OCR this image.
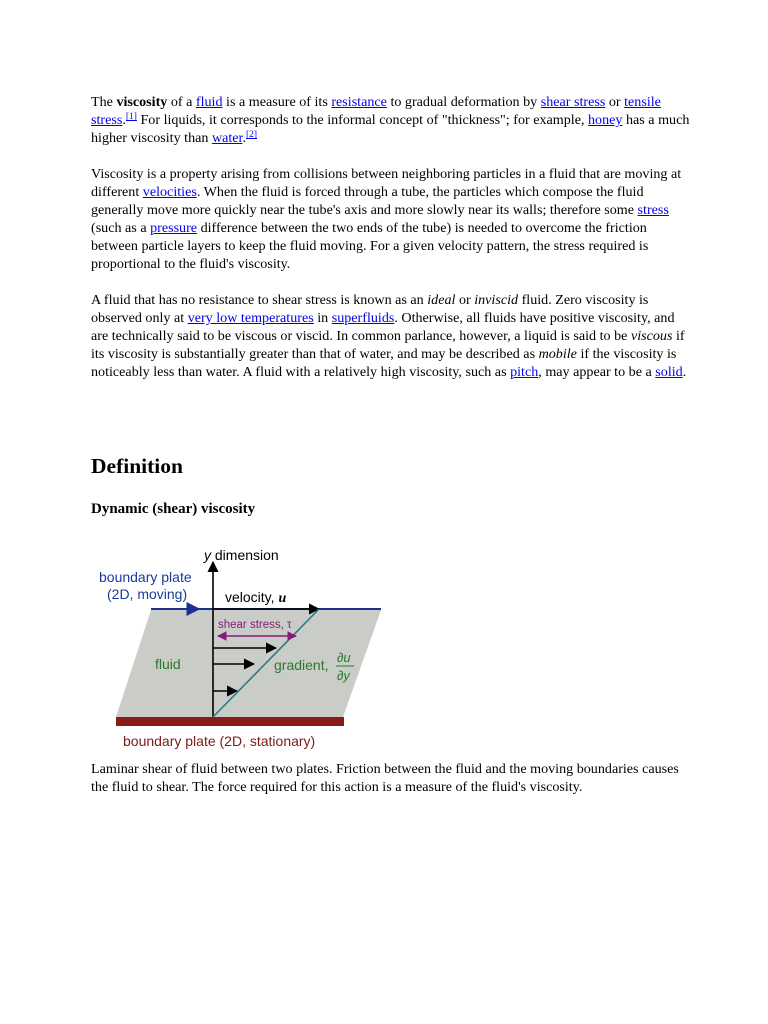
The viscosity of a fluid is a measure of its resistance to gradual deformation by shear stress or tensile stress.[1] For liquids, it corresponds to the informal concept of "thickness"; for example, honey has a much higher viscosity than water.[2]

Viscosity is a property arising from collisions between neighboring particles in a fluid that are moving at different velocities. When the fluid is forced through a tube, the particles which compose the fluid generally move more quickly near the tube's axis and more slowly near its walls; therefore some stress (such as a pressure difference between the two ends of the tube) is needed to overcome the friction between particle layers to keep the fluid moving. For a given velocity pattern, the stress required is proportional to the fluid's viscosity.

A fluid that has no resistance to shear stress is known as an ideal or inviscid fluid. Zero viscosity is observed only at very low temperatures in superfluids. Otherwise, all fluids have positive viscosity, and are technically said to be viscous or viscid. In common parlance, however, a liquid is said to be viscous if its viscosity is substantially greater than that of water, and may be described as mobile if the viscosity is noticeably less than water. A fluid with a relatively high viscosity, such as pitch, may appear to be a solid.

Definition
Dynamic (shear) viscosity
y dimension
boundary plate
(2D, moving)	velocity, u
shear stress, τ
fluid	gradient, ∂u
∂y
boundary plate (2D, stationary)

Laminar shear of fluid between two plates. Friction between the fluid and the moving boundaries causes the fluid to shear. The force required for this action is a measure of the fluid's viscosity.
